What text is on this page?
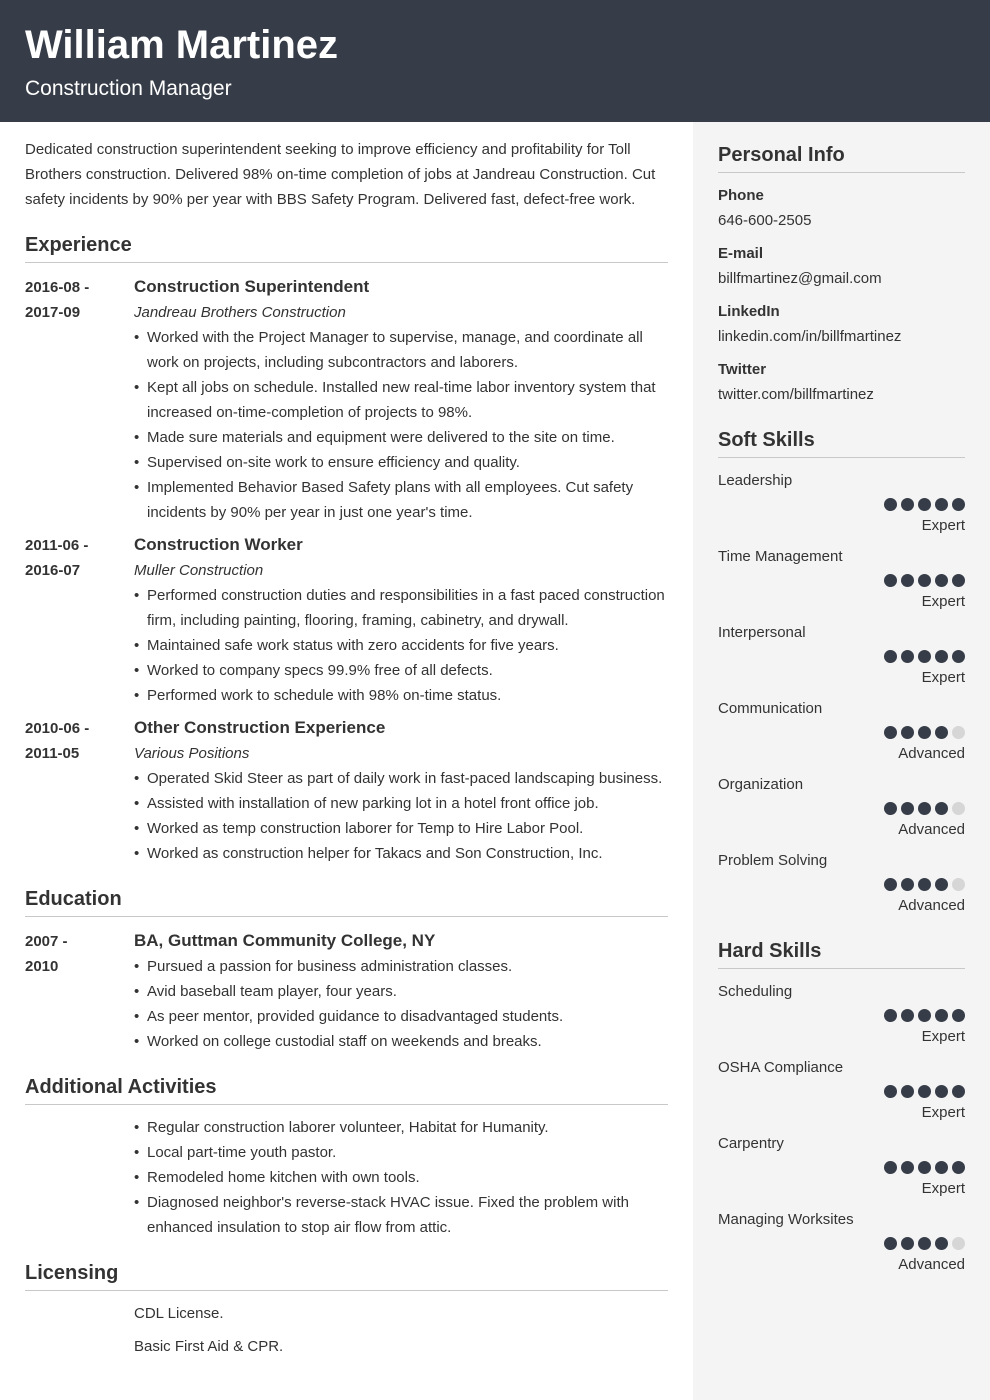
William Martinez
Construction Manager

Dedicated construction superintendent seeking to improve efficiency and profitability for Toll Brothers construction. Delivered 98% on-time completion of jobs at Jandreau Construction. Cut safety incidents by 90% per year with BBS Safety Program. Delivered fast, defect-free work.

Experience
2016-08 -
2017-09
Construction Superintendent
Jandreau Brothers Construction
• Worked with the Project Manager to supervise, manage, and coordinate all work on projects, including subcontractors and laborers.
• Kept all jobs on schedule. Installed new real-time labor inventory system that increased on-time-completion of projects to 98%.
• Made sure materials and equipment were delivered to the site on time.
• Supervised on-site work to ensure efficiency and quality.
• Implemented Behavior Based Safety plans with all employees. Cut safety incidents by 90% per year in just one year's time.
2011-06 -
2016-07
Construction Worker
Muller Construction
• Performed construction duties and responsibilities in a fast paced construction firm, including painting, flooring, framing, cabinetry, and drywall.
• Maintained safe work status with zero accidents for five years.
• Worked to company specs 99.9% free of all defects.
• Performed work to schedule with 98% on-time status.
2010-06 -
2011-05
Other Construction Experience
Various Positions
• Operated Skid Steer as part of daily work in fast-paced landscaping business.
• Assisted with installation of new parking lot in a hotel front office job.
• Worked as temp construction laborer for Temp to Hire Labor Pool.
• Worked as construction helper for Takacs and Son Construction, Inc.
Education
2007 -
2010
BA, Guttman Community College, NY
• Pursued a passion for business administration classes.
• Avid baseball team player, four years.
• As peer mentor, provided guidance to disadvantaged students.
• Worked on college custodial staff on weekends and breaks.
Additional Activities
• Regular construction laborer volunteer, Habitat for Humanity.
• Local part-time youth pastor.
• Remodeled home kitchen with own tools.
• Diagnosed neighbor's reverse-stack HVAC issue. Fixed the problem with enhanced insulation to stop air flow from attic.
Licensing
CDL License.
Basic First Aid & CPR.
Personal Info
Phone
646-600-2505
E-mail
billfmartinez@gmail.com
LinkedIn
linkedin.com/in/billfmartinez
Twitter
twitter.com/billfmartinez
Soft Skills
Leadership
Expert
Time Management
Expert
Interpersonal
Expert
Communication
Advanced
Organization
Advanced
Problem Solving
Advanced
Hard Skills
Scheduling
Expert
OSHA Compliance
Expert
Carpentry
Expert
Managing Worksites
Advanced
